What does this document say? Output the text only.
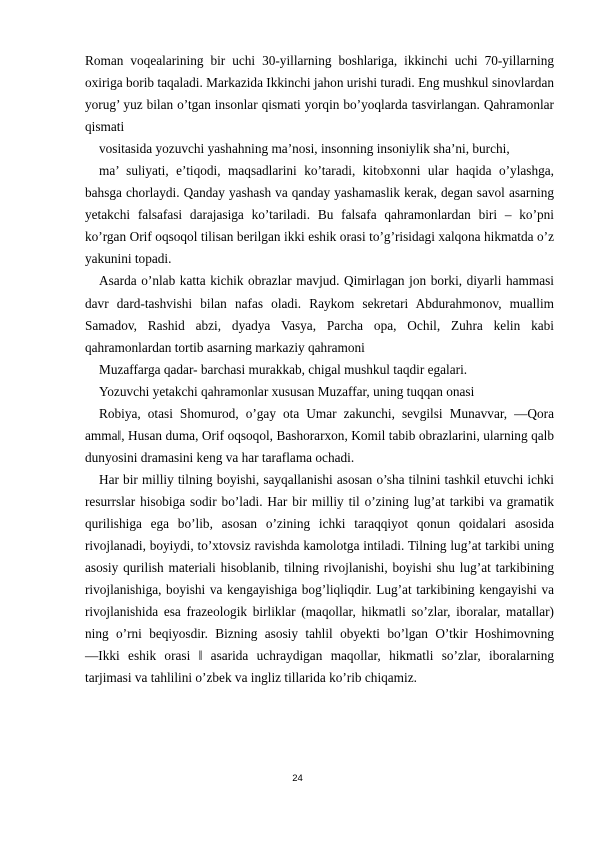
Roman voqealarining bir uchi 30-yillarning boshlariga, ikkinchi uchi 70-yillarning oxiriga borib taqaladi. Markazida Ikkinchi jahon urishi turadi. Eng mushkul sinovlardan yorug’ yuz bilan o’tgan insonlar qismati yorqin bo’yoqlarda tasvirlangan. Qahramonlar qismati

vositasida yozuvchi yashahning ma’nosi, insonning insoniylik sha’ni, burchi,

ma’ suliyati, e’tiqodi, maqsadlarini ko’taradi, kitobxonni ular haqida o’ylashga, bahsga chorlaydi. Qanday yashash va qanday yashamaslik kerak, degan savol asarning yetakchi falsafasi darajasiga ko’tariladi. Bu falsafa qahramonlardan biri – ko’pni ko’rgan Orif oqsoqol tilisan berilgan ikki eshik orasi to’g’risidagi xalqona hikmatda o’z yakunini topadi.

Asarda o’nlab katta kichik obrazlar mavjud. Qimirlagan jon borki, diyarli hammasi davr dard-tashvishi bilan nafas oladi. Raykom sekretari Abdurahmonov, muallim Samadov, Rashid abzi, dyadya Vasya, Parcha opa, Ochil, Zuhra kelin kabi qahramonlardan tortib asarning markaziy qahramoni

Muzaffarga qadar- barchasi murakkab, chigal mushkul taqdir egalari.

Yozuvchi yetakchi qahramonlar xususan Muzaffar, uning tuqqan onasi

Robiya, otasi Shomurod, o’gay ota Umar zakunchi, sevgilsi Munavvar, ―Qora amma‖, Husan duma, Orif oqsoqol, Bashorarxon, Komil tabib obrazlarini, ularning qalb dunyosini dramasini keng va har taraflama ochadi.

Har bir milliy tilning boyishi, sayqallanishi asosan o’sha tilnini tashkil etuvchi ichki resurrslar hisobiga sodir bo’ladi. Har bir milliy til o’zining lug’at tarkibi va gramatik qurilishiga ega bo’lib, asosan o’zining ichki taraqqiyot qonun qoidalari asosida rivojlanadi, boyiydi, to’xtovsiz ravishda kamolotga intiladi. Tilning lug’at tarkibi uning asosiy qurilish materiali hisoblanib, tilning rivojlanishi, boyishi shu lug’at tarkibining rivojlanishiga, boyishi va kengayishiga bog’liqliqdir. Lug’at tarkibining kengayishi va rivojlanishida esa frazeologik birliklar (maqollar, hikmatli so’zlar, iboralar, matallar) ning o’rni beqiyosdir. Bizning asosiy tahlil obyekti bo’lgan O’tkir Hoshimovning ―Ikki eshik orasi ‖ asarida uchraydigan maqollar, hikmatli so’zlar, iboralarning tarjimasi va tahlilini o’zbek va ingliz tillarida ko’rib chiqamiz.

24
